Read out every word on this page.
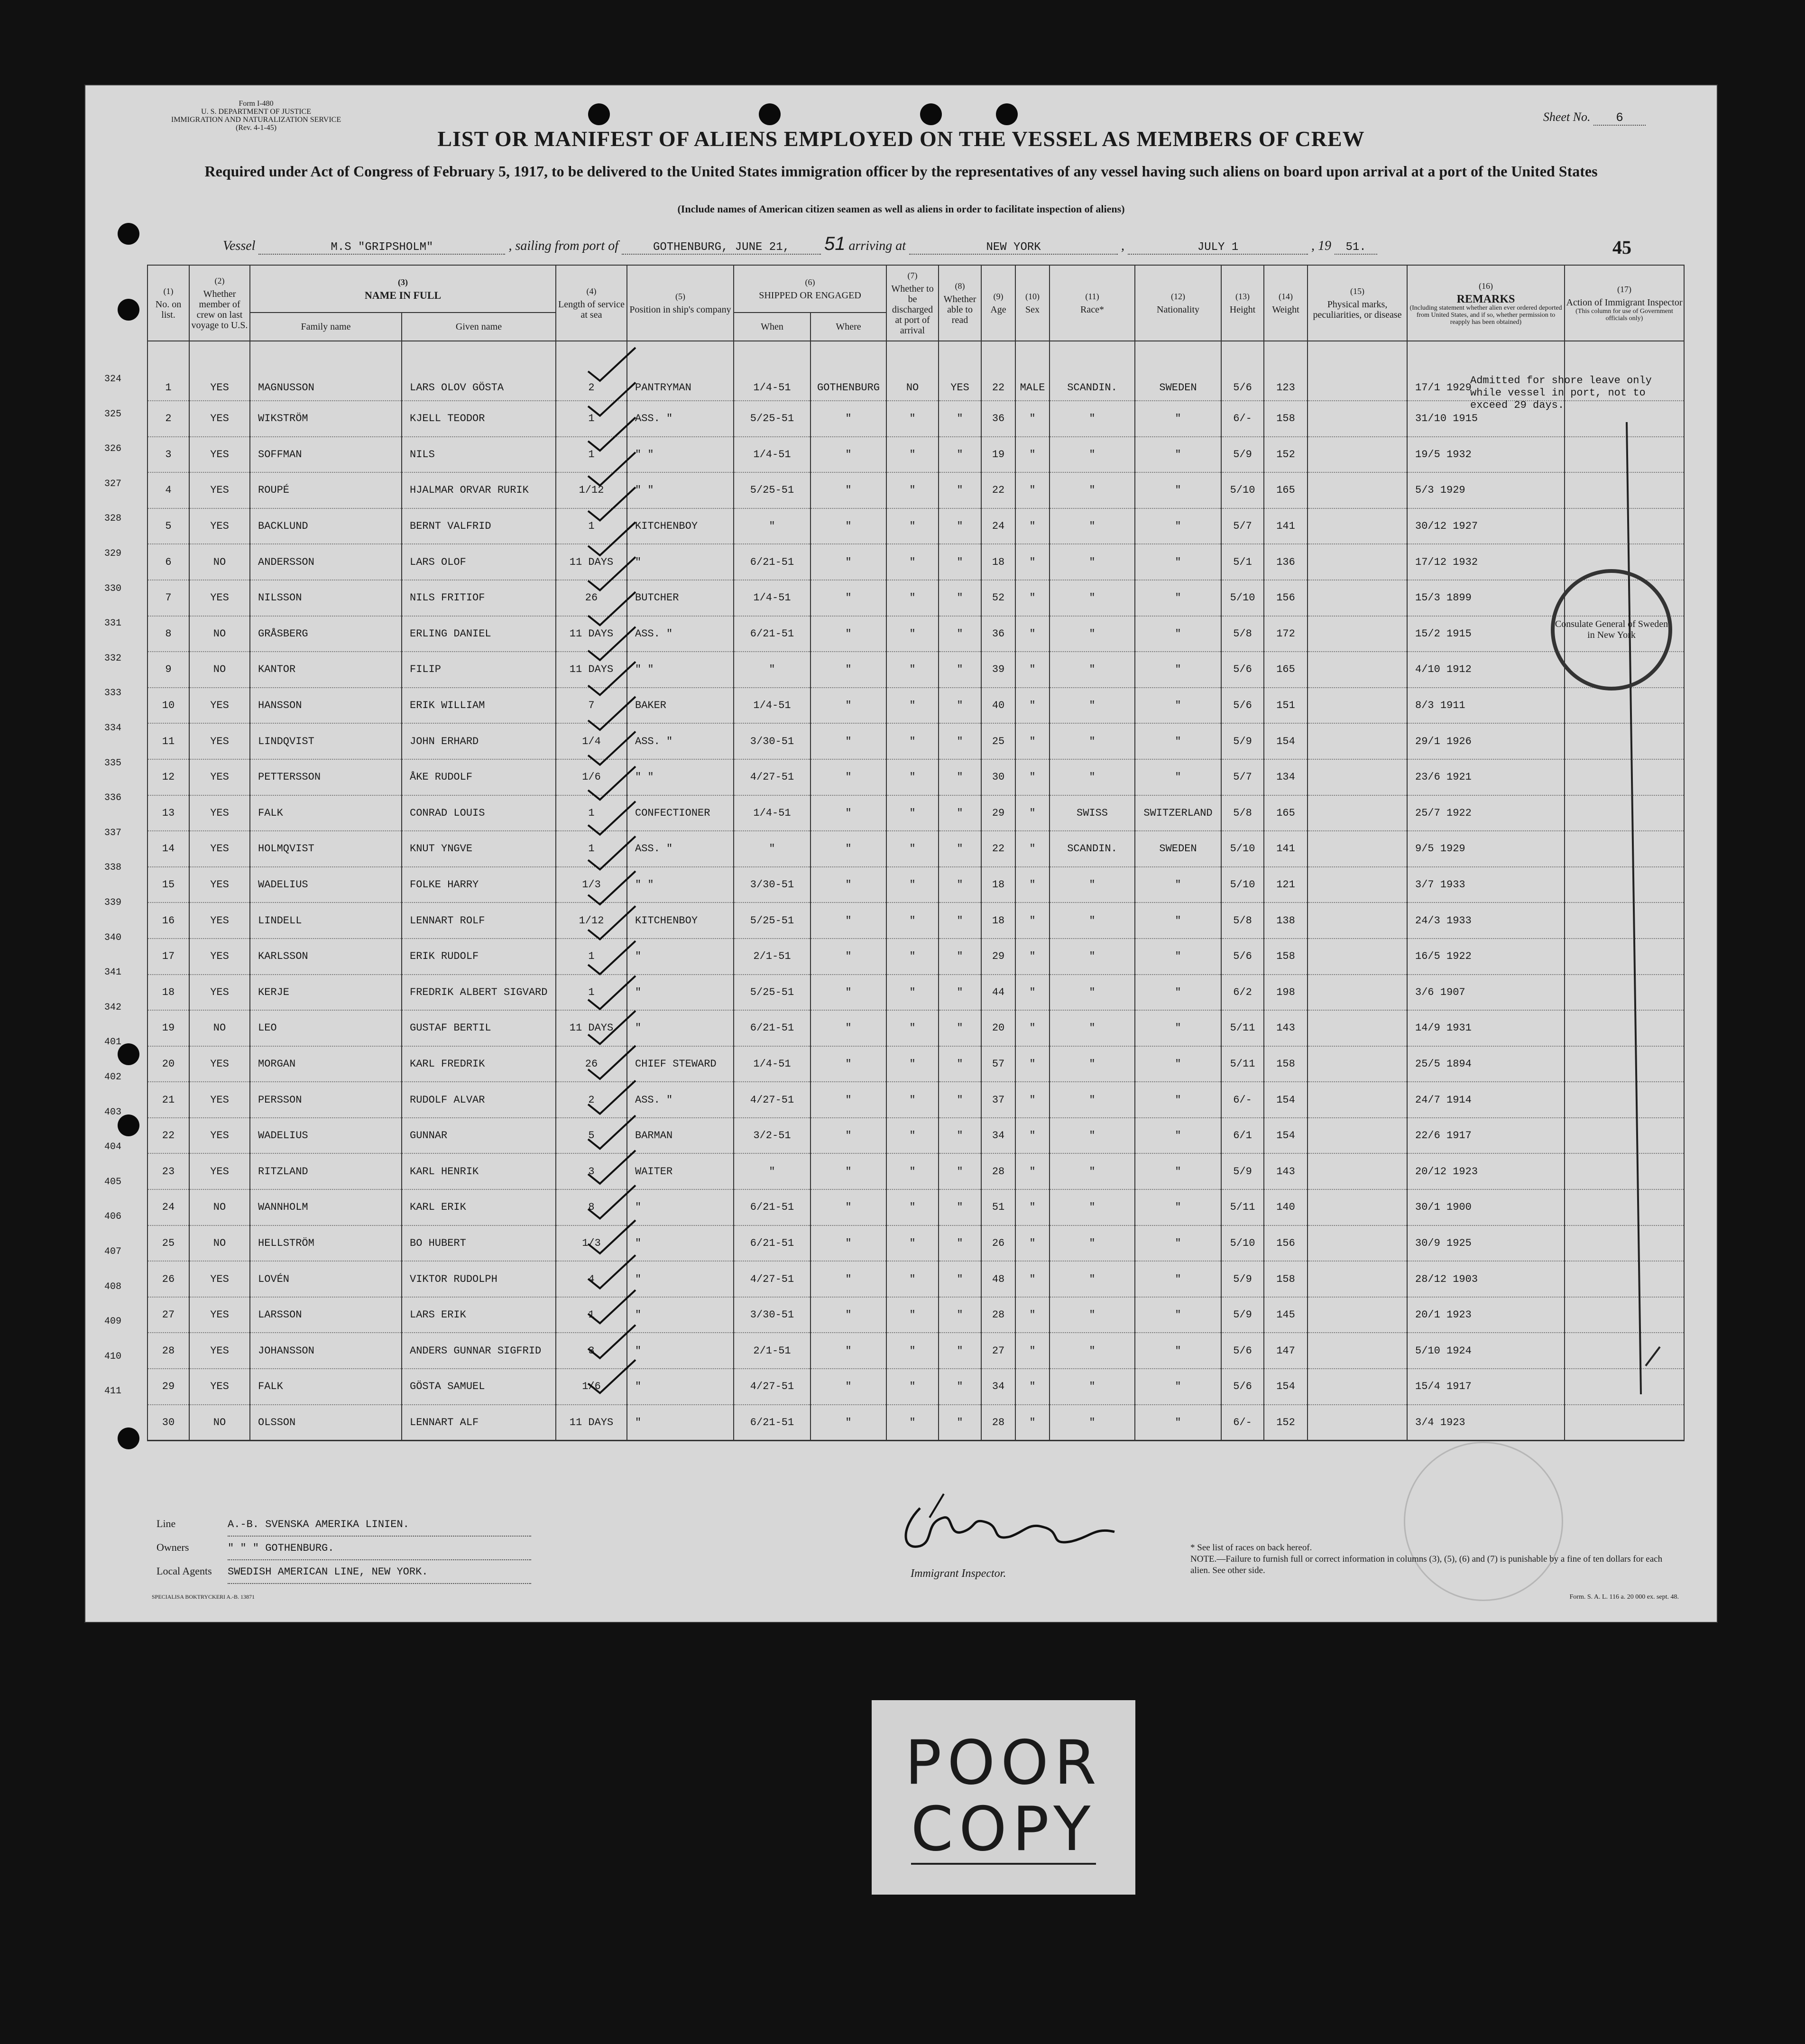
Form I-480
U. S. DEPARTMENT OF JUSTICE
IMMIGRATION AND NATURALIZATION SERVICE
(Rev. 4-1-45)
Sheet No. 6
LIST OR MANIFEST OF ALIENS EMPLOYED ON THE VESSEL AS MEMBERS OF CREW
Required under Act of Congress of February 5, 1917, to be delivered to the United States immigration officer by the representatives of any vessel having such aliens on board upon arrival at a port of the United States
(Include names of American citizen seamen as well as aliens in order to facilitate inspection of aliens)
Vessel	M.S "GRIPSHOLM"	, sailing from port of	GOTHENBURG, JUNE 21, 51 arriving at	NEW YORK	,	JULY 1	, 19 51.	45
(1)
No. on list.	(2)
Whether member of crew on last voyage to U.S.	(3)
NAME IN FULL		(4)
Length of service at sea	(5)
Position in ship's company	(6)
SHIPPED OR ENGAGED		(7)
Whether to be discharged at port of arrival	(8)
Whether able to read	(9)
Age	(10)
Sex	(11)
Race*	(12)
Nationality	(13)
Height	(14)
Weight	(15)
Physical marks, peculiarities, or disease	(16)
REMARKS
(Including statement whether alien ever ordered deported from United States, and if so, whether permission to reapply has been obtained)	(17)
Action of Immigrant Inspector
(This column for use of Government officials only)

		Family name	Given name			When	Where											
1	YES	MAGNUSSON	LARS OLOV GÖSTA	2	PANTRYMAN	1/4-51	GOTHENBURG	NO	YES	22	MALE	SCANDIN.	SWEDEN	5/6	123		17/1 1929	
2	YES	WIKSTRÖM	KJELL TEODOR	1	ASS. "	5/25-51	"	"	"	36	"	"	"	6/-	158		31/10 1915	
3	YES	SOFFMAN	NILS	1	" "	1/4-51	"	"	"	19	"	"	"	5/9	152		19/5 1932	
4	YES	ROUPÉ	HJALMAR ORVAR RURIK	1/12	" "	5/25-51	"	"	"	22	"	"	"	5/10	165		5/3 1929	
5	YES	BACKLUND	BERNT VALFRID	1	KITCHENBOY	"	"	"	"	24	"	"	"	5/7	141		30/12 1927	
6	NO	ANDERSSON	LARS OLOF	11 DAYS	"	6/21-51	"	"	"	18	"	"	"	5/1	136		17/12 1932	
7	YES	NILSSON	NILS FRITIOF	26	BUTCHER	1/4-51	"	"	"	52	"	"	"	5/10	156		15/3 1899	
8	NO	GRÅSBERG	ERLING DANIEL	11 DAYS	ASS. "	6/21-51	"	"	"	36	"	"	"	5/8	172		15/2 1915	
9	NO	KANTOR	FILIP	11 DAYS	" "	"	"	"	"	39	"	"	"	5/6	165		4/10 1912	
10	YES	HANSSON	ERIK WILLIAM	7	BAKER	1/4-51	"	"	"	40	"	"	"	5/6	151		8/3 1911	
11	YES	LINDQVIST	JOHN ERHARD	1/4	ASS. "	3/30-51	"	"	"	25	"	"	"	5/9	154		29/1 1926	
12	YES	PETTERSSON	ÅKE RUDOLF	1/6	" "	4/27-51	"	"	"	30	"	"	"	5/7	134		23/6 1921	
13	YES	FALK	CONRAD LOUIS	1	CONFECTIONER	1/4-51	"	"	"	29	"	SWISS	SWITZERLAND	5/8	165		25/7 1922	
14	YES	HOLMQVIST	KNUT YNGVE	1	ASS. "	"	"	"	"	22	"	SCANDIN.	SWEDEN	5/10	141		9/5 1929	
15	YES	WADELIUS	FOLKE HARRY	1/3	" "	3/30-51	"	"	"	18	"	"	"	5/10	121		3/7 1933	
16	YES	LINDELL	LENNART ROLF	1/12	KITCHENBOY	5/25-51	"	"	"	18	"	"	"	5/8	138		24/3 1933	
17	YES	KARLSSON	ERIK RUDOLF	1	"	2/1-51	"	"	"	29	"	"	"	5/6	158		16/5 1922	
18	YES	KERJE	FREDRIK ALBERT SIGVARD	1	"	5/25-51	"	"	"	44	"	"	"	6/2	198		3/6 1907	
19	NO	LEO	GUSTAF BERTIL	11 DAYS	"	6/21-51	"	"	"	20	"	"	"	5/11	143		14/9 1931	
20	YES	MORGAN	KARL FREDRIK	26	CHIEF STEWARD	1/4-51	"	"	"	57	"	"	"	5/11	158		25/5 1894	
21	YES	PERSSON	RUDOLF ALVAR	2	ASS. "	4/27-51	"	"	"	37	"	"	"	6/-	154		24/7 1914	
22	YES	WADELIUS	GUNNAR	5	BARMAN	3/2-51	"	"	"	34	"	"	"	6/1	154		22/6 1917	
23	YES	RITZLAND	KARL HENRIK	3	WAITER	"	"	"	"	28	"	"	"	5/9	143		20/12 1923	
24	NO	WANNHOLM	KARL ERIK	8	"	6/21-51	"	"	"	51	"	"	"	5/11	140		30/1 1900	
25	NO	HELLSTRÖM	BO HUBERT	1/3	"	6/21-51	"	"	"	26	"	"	"	5/10	156		30/9 1925	
26	YES	LOVÉN	VIKTOR RUDOLPH	4	"	4/27-51	"	"	"	48	"	"	"	5/9	158		28/12 1903	
27	YES	LARSSON	LARS ERIK	1	"	3/30-51	"	"	"	28	"	"	"	5/9	145		20/1 1923	
28	YES	JOHANSSON	ANDERS GUNNAR SIGFRID	3	"	2/1-51	"	"	"	27	"	"	"	5/6	147		5/10 1924	
29	YES	FALK	GÖSTA SAMUEL	1/6	"	4/27-51	"	"	"	34	"	"	"	5/6	154		15/4 1917	
30	NO	OLSSON	LENNART ALF	11 DAYS	"	6/21-51	"	"	"	28	"	"	"	6/-	152		3/4 1923	
324
325
326
327
328
329
330
331
332
333
334
335
336
337
338
339
340
341
342
401
402
403
404
405
406
407
408
409
410
411
Admitted for shore leave only while vessel in port, not to exceed 29 days.
Consulate General of Sweden in New York
Line	A.-B. SVENSKA AMERIKA LINIEN.
Owners	" " " GOTHENBURG.
Local Agents SWEDISH AMERICAN LINE, NEW YORK.	Immigrant Inspector.
* See list of races on back hereof.
NOTE.—Failure to furnish full or correct information in columns (3), (5), (6) and (7) is punishable by a fine of ten dollars for each alien. See other side.
SPECIALISA BOKTRYCKERI A.-B. 13871	Form. S. A. L. 116 a. 20 000 ex. sept. 48.
POOR
COPY
